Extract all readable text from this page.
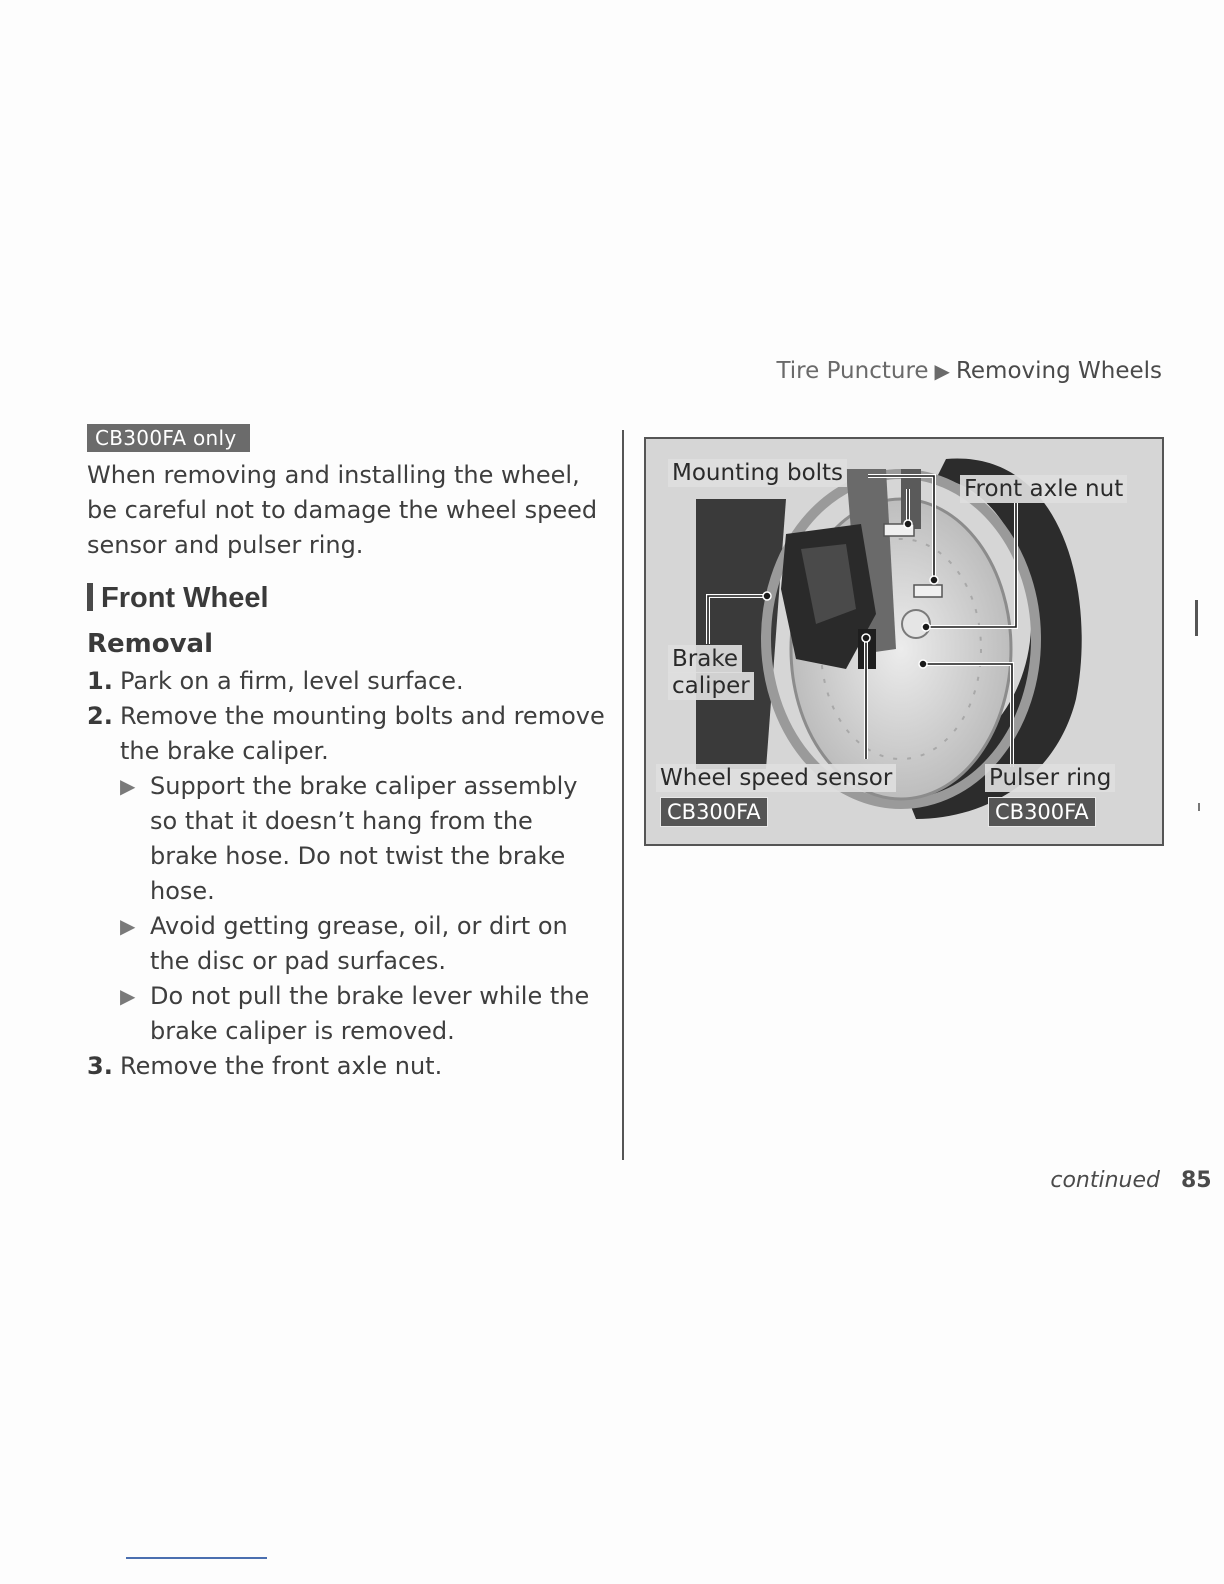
Tire Puncture ▶ Removing Wheels
CB300FA only
When removing and installing the wheel, be careful not to damage the wheel speed sensor and pulser ring.
Front Wheel
Removal
1. Park on a firm, level surface.
2. Remove the mounting bolts and remove the brake caliper.
▶ Support the brake caliper assembly so that it doesn’t hang from the brake hose. Do not twist the brake hose.
▶ Avoid getting grease, oil, or dirt on the disc or pad surfaces.
▶ Do not pull the brake lever while the brake caliper is removed.
3. Remove the front axle nut.
Mounting bolts
Front axle nut
Brake
caliper
Wheel speed sensor	Pulser ring
CB300FA	CB300FA
continued 85
